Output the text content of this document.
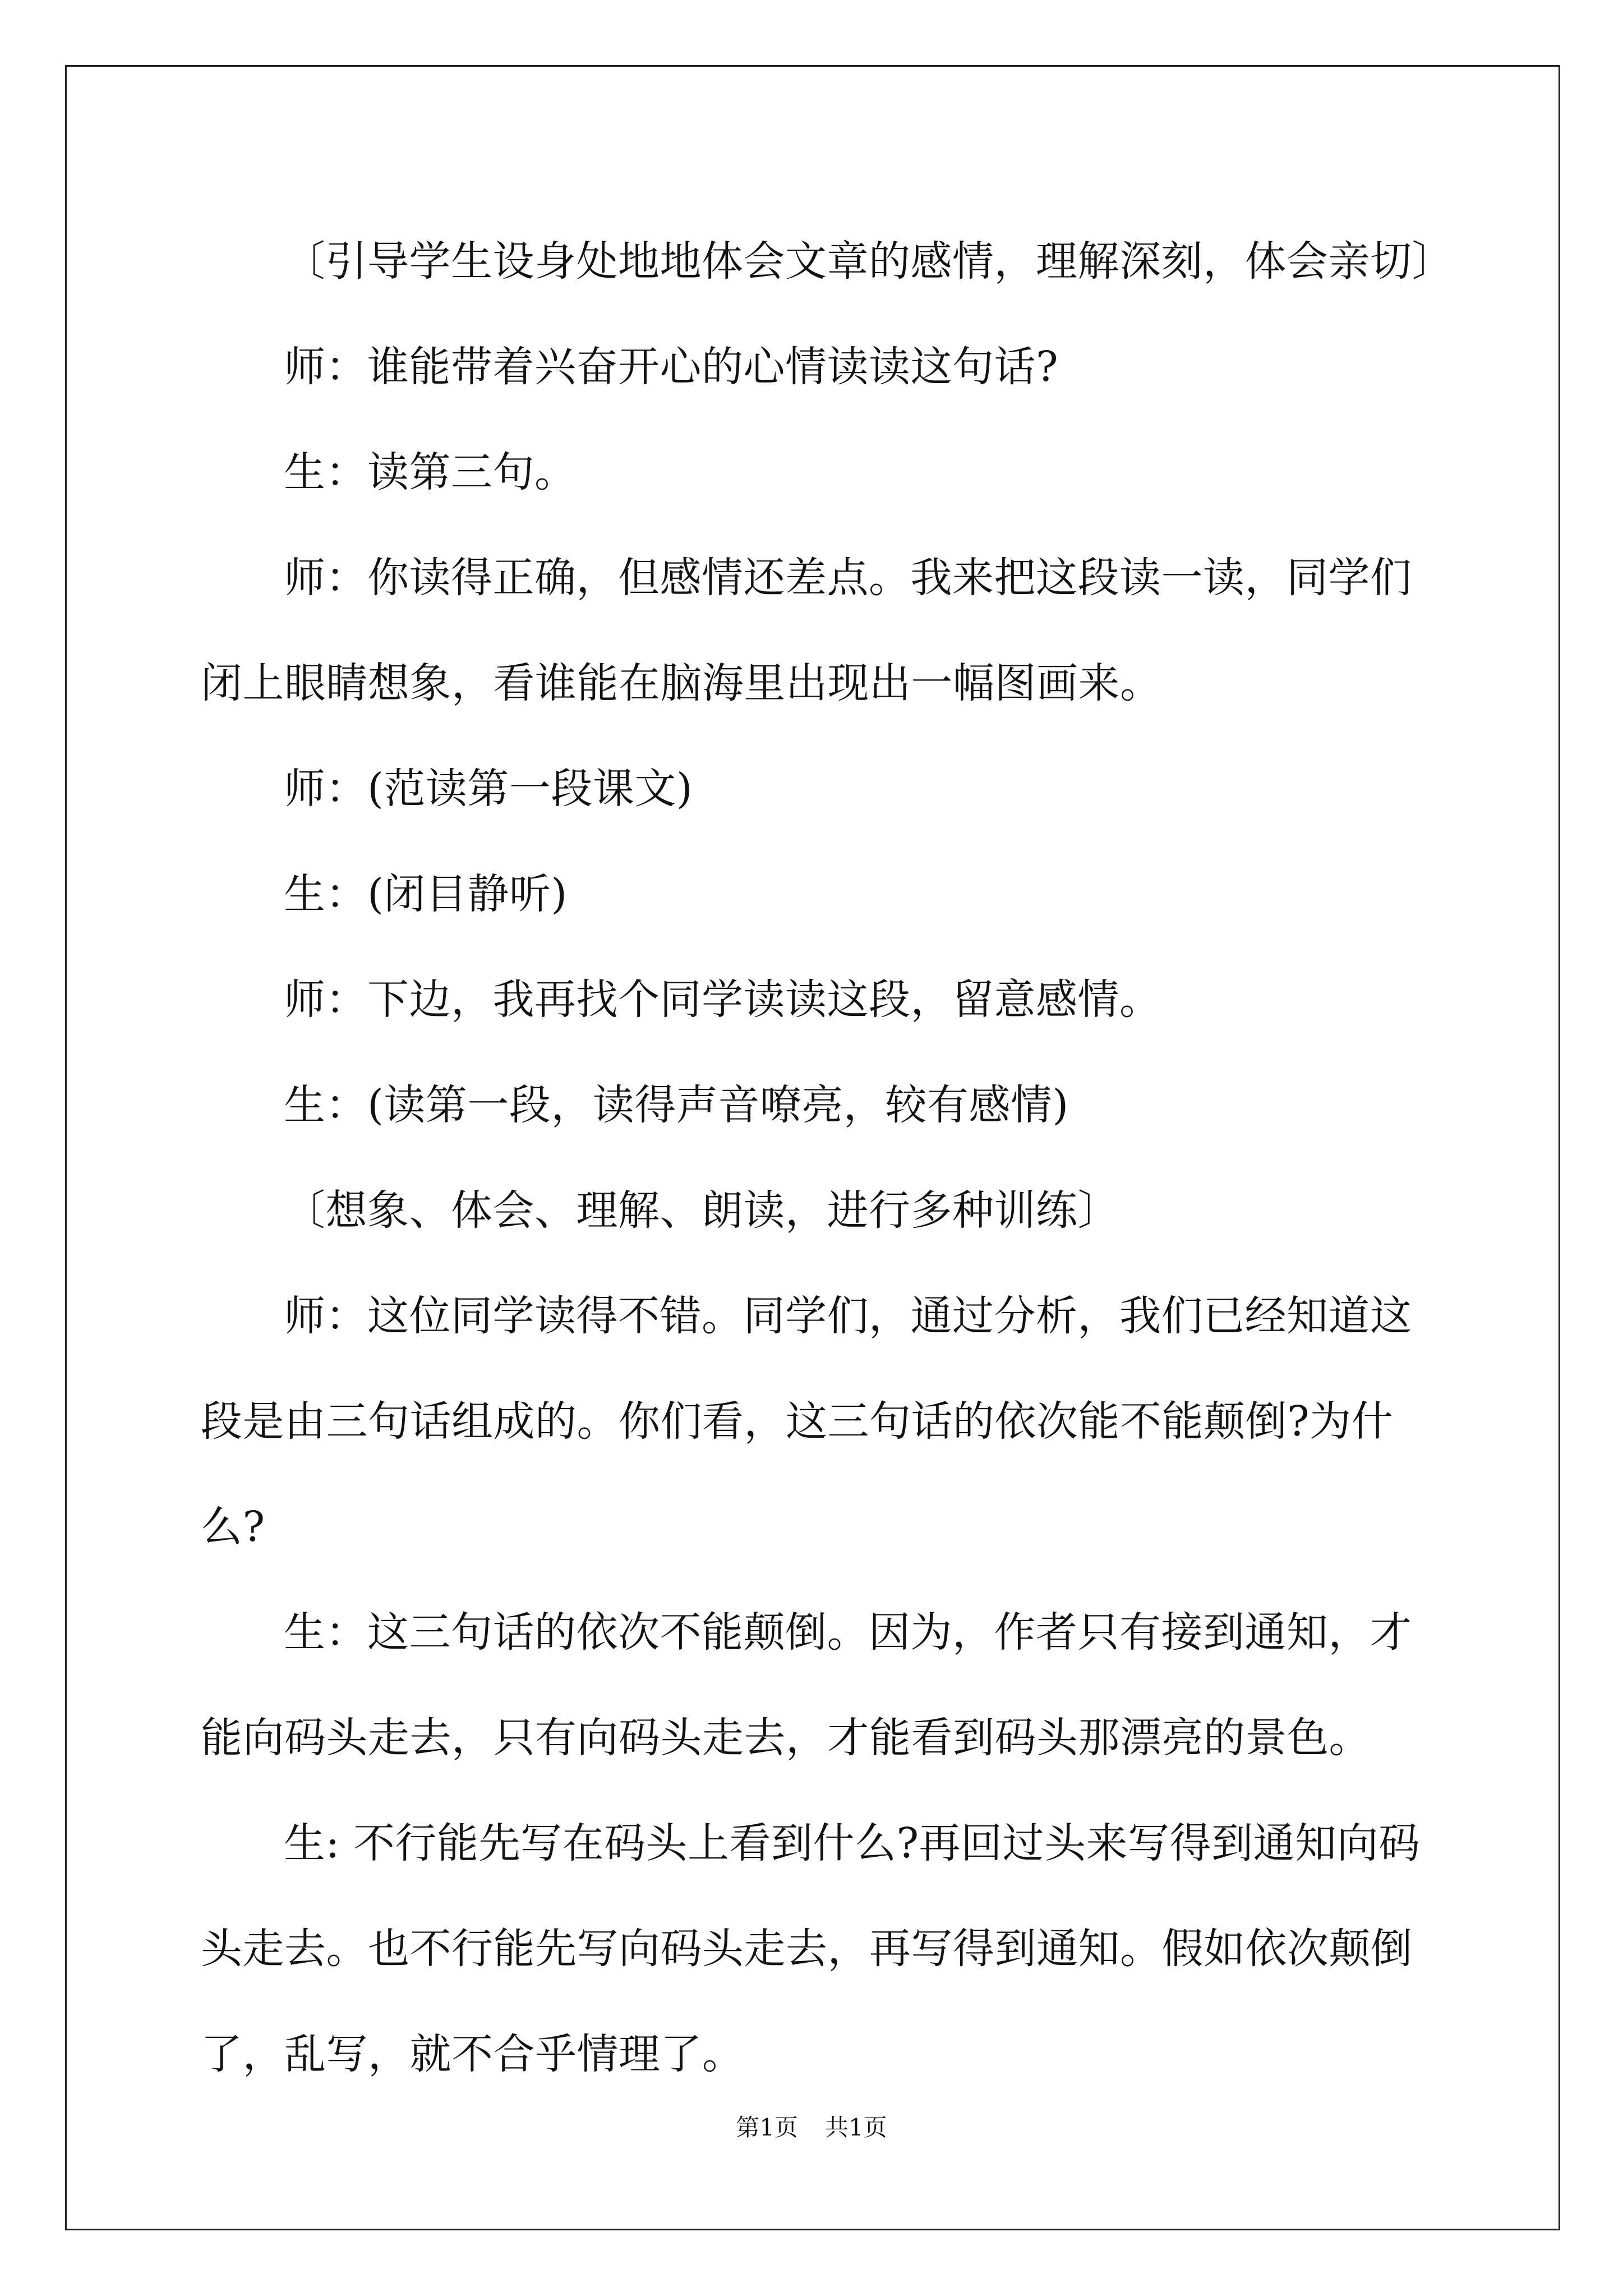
〔引导学生设身处地地体会文章的感情，理解深刻，体会亲切〕

师：谁能带着兴奋开心的心情读读这句话?

生：读第三句。

师：你读得正确，但感情还差点。我来把这段读一读，同学们闭上眼睛想象，看谁能在脑海里出现出一幅图画来。

师：(范读第一段课文)

生：(闭目静听)

师：下边，我再找个同学读读这段，留意感情。

生：(读第一段，读得声音嘹亮，较有感情)

〔想象、体会、理解、朗读，进行多种训练〕

师：这位同学读得不错。同学们，通过分析，我们已经知道这段是由三句话组成的。你们看，这三句话的依次能不能颠倒?为什么?

生：这三句话的依次不能颠倒。因为，作者只有接到通知，才能向码头走去，只有向码头走去，才能看到码头那漂亮的景色。

生: 不行能先写在码头上看到什么?再回过头来写得到通知向码头走去。也不行能先写向码头走去，再写得到通知。假如依次颠倒了，乱写，就不合乎情理了。

第1页 共1页
